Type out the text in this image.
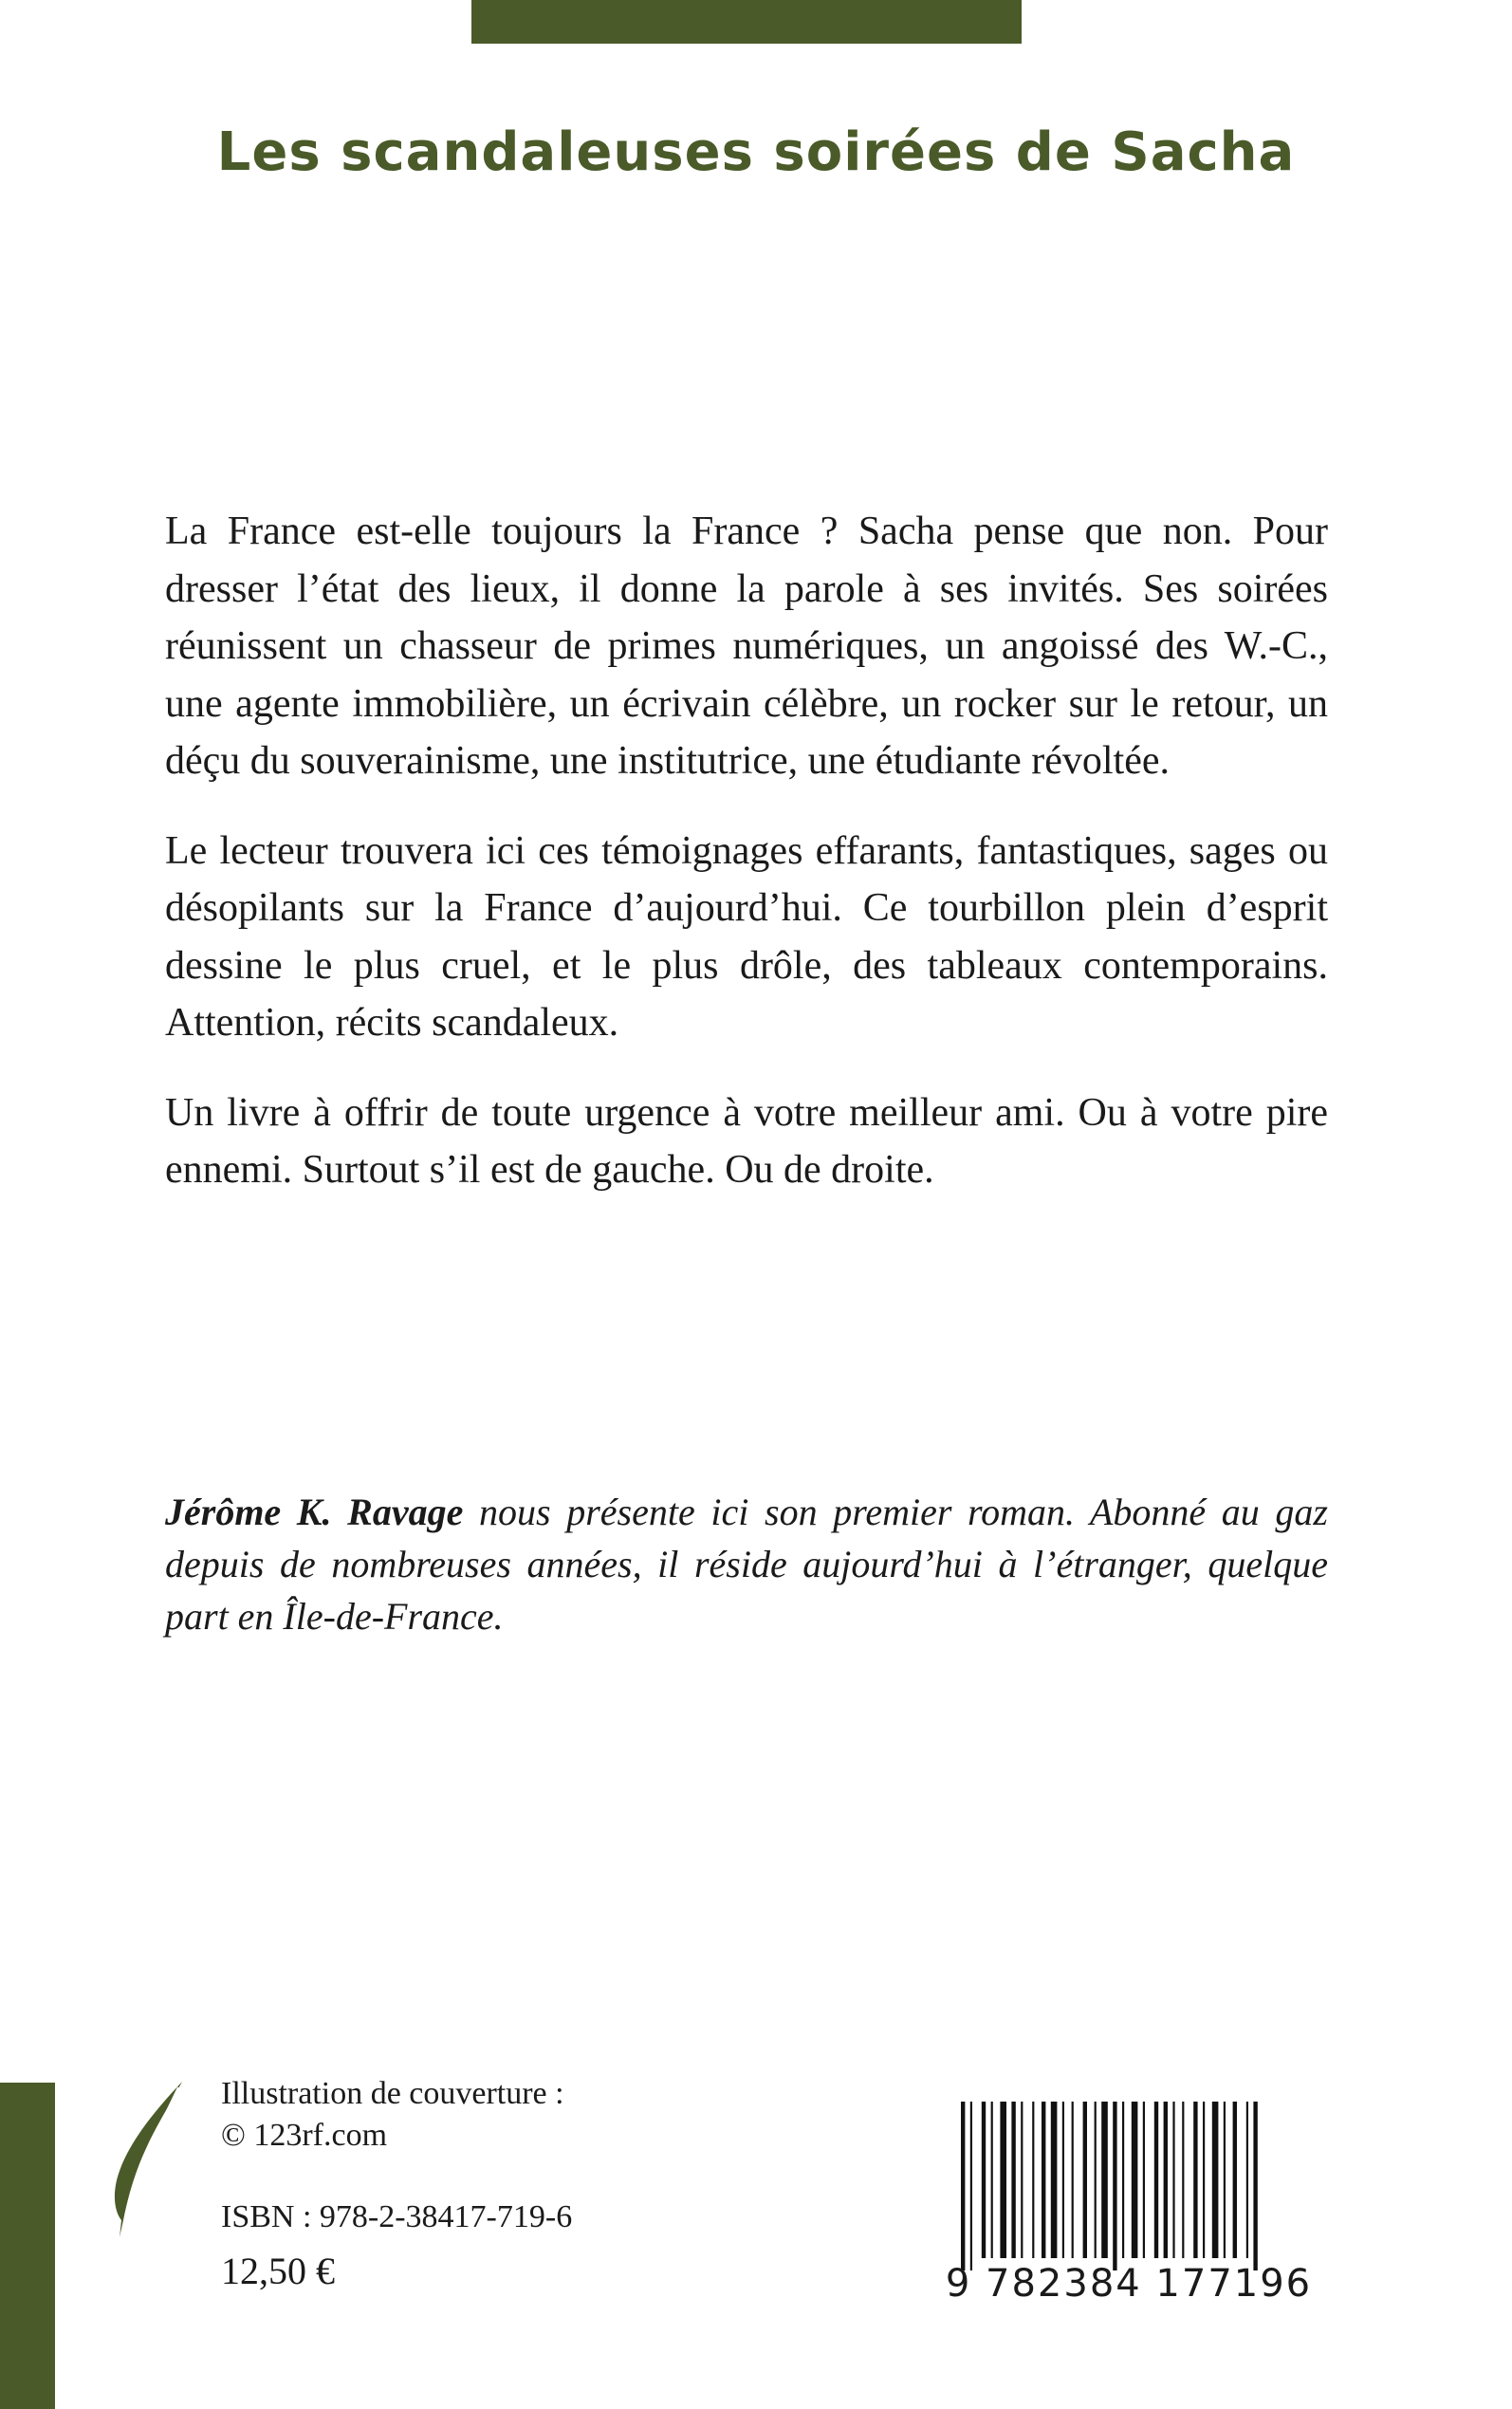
Les scandaleuses soirées de Sacha

La France est-elle toujours la France ? Sacha pense que non. Pour dresser l’état des lieux, il donne la parole à ses invités. Ses soirées réunissent un chasseur de primes numériques, un angoissé des W.-C., une agente immobilière, un écrivain célèbre, un rocker sur le retour, un déçu du souverainisme, une institutrice, une étudiante révoltée.

Le lecteur trouvera ici ces témoignages effarants, fantastiques, sages ou désopilants sur la France d’aujourd’hui. Ce tourbillon plein d’esprit dessine le plus cruel, et le plus drôle, des tableaux contemporains. Attention, récits scandaleux.

Un livre à offrir de toute urgence à votre meilleur ami. Ou à votre pire ennemi. Surtout s’il est de gauche. Ou de droite.

Jérôme K. Ravage nous présente ici son premier roman. Abonné au gaz depuis de nombreuses années, il réside aujourd’hui à l’étranger, quelque part en Île-de-France.

Illustration de couverture :
© 123rf.com
ISBN : 978-2-38417-719-6
12,50 €	9 782384 177196
